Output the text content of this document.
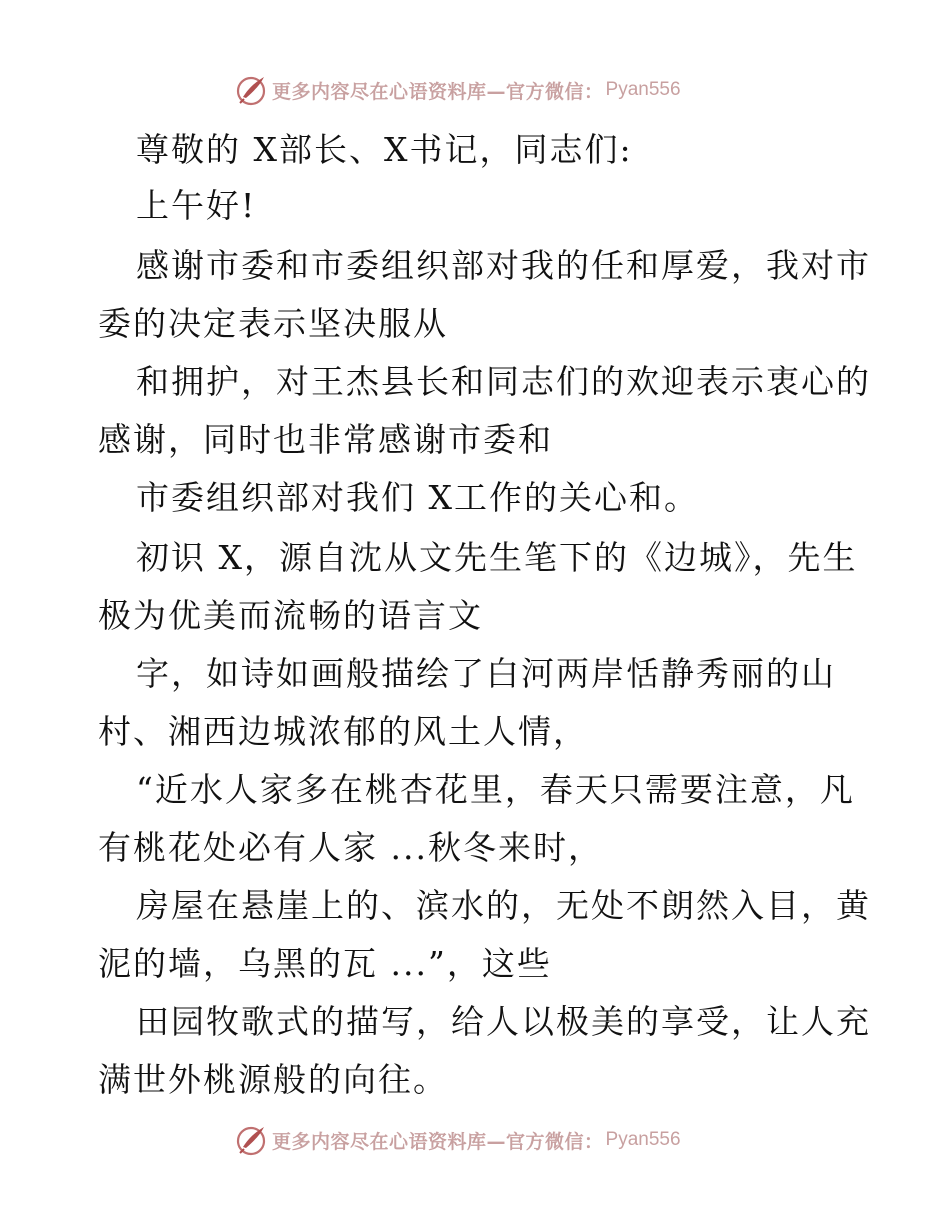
更多内容尽在心语资料库—官方微信： Pyan556
尊敬的 X部长、X书记，同志们:
上午好!
感谢市委和市委组织部对我的任和厚爱，我对市
委的决定表示坚决服从
和拥护，对王杰县长和同志们的欢迎表示衷心的
感谢，同时也非常感谢市委和
市委组织部对我们 X工作的关心和。
初识 X，源自沈从文先生笔下的《边城》，先生
极为优美而流畅的语言文
字，如诗如画般描绘了白河两岸恬静秀丽的山
村、湘西边城浓郁的风土人情，
“近水人家多在桃杏花里，春天只需要注意，凡
有桃花处必有人家 ...秋冬来时，
房屋在悬崖上的、滨水的，无处不朗然入目，黄
泥的墙，乌黑的瓦 ...”，这些
田园牧歌式的描写，给人以极美的享受，让人充
满世外桃源般的向往。
更多内容尽在心语资料库—官方微信： Pyan556
